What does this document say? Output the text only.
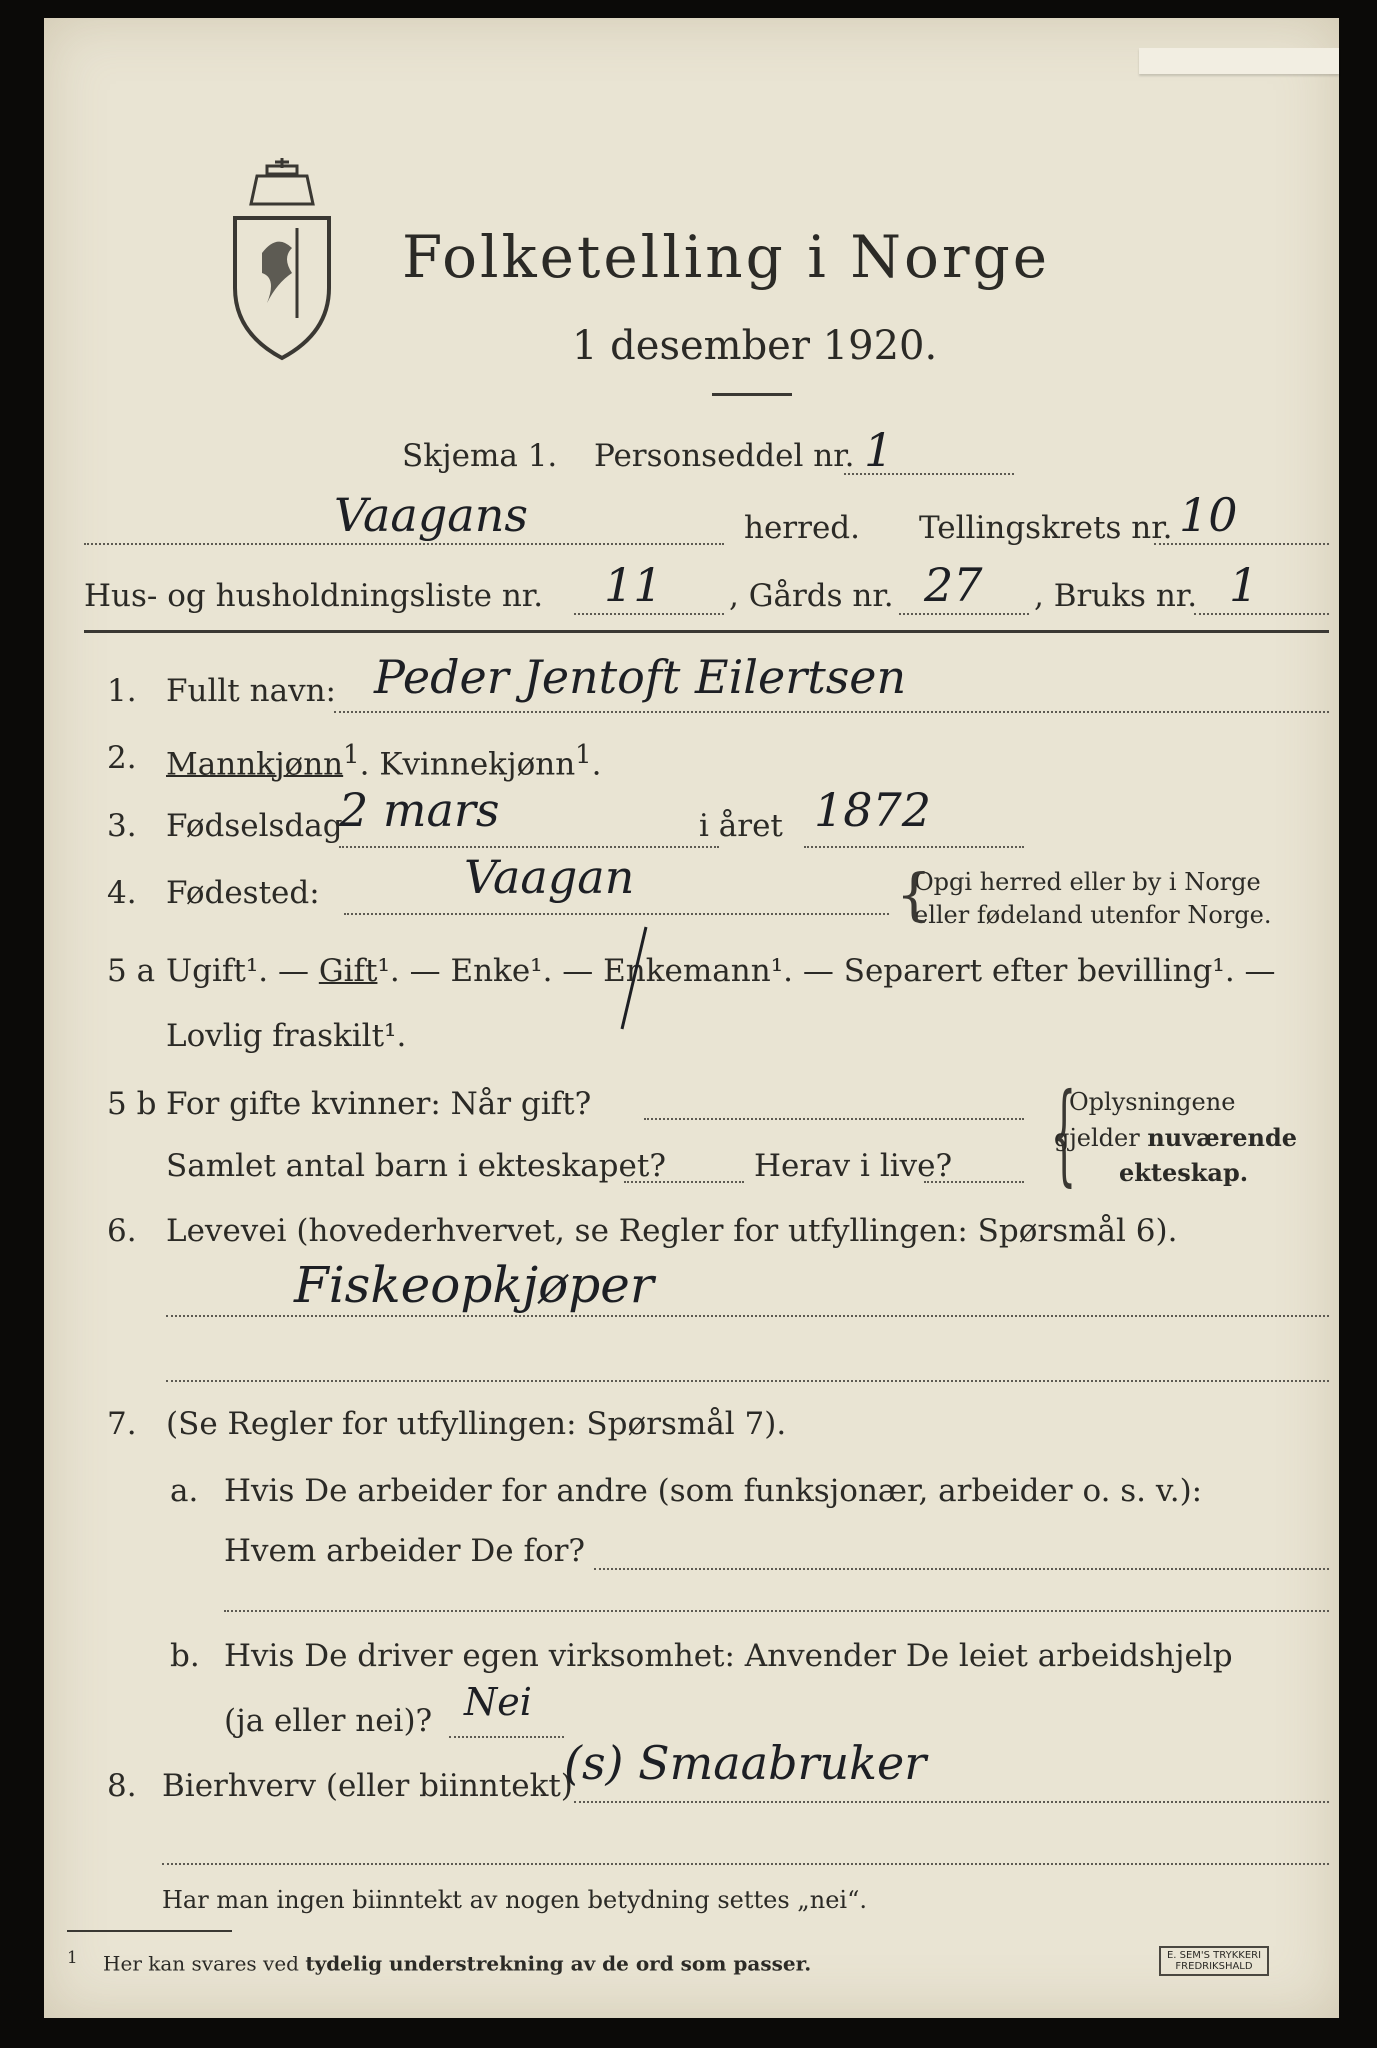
Folketelling i Norge
1 desember 1920.
Skjema 1. Personseddel nr. 1
Vaagans	herred. Tellingskrets nr. 10
Hus- og husholdningsliste nr. 11 , Gårds nr. 27 , Bruks nr. 1
1. Fullt navn: Peder Jentoft Eilertsen
2. Mannkjønn$^1$. Kvinnekjønn$^1$.
3. Fødselsdag
2 mars	i året 1872
4. Fødested:	Vaagan	Opgi herred eller by i Norge
eller fødeland utenfor Norge.
{
5 a Ugift¹. — Gift¹. — Enke¹. — Enkemann¹. — Separert efter bevilling¹. —
Lovlig fraskilt¹.
5 b For gifte kvinner: Når gift?
Samlet antal barn i ekteskapet?	Herav i live? {
Oplysningene
gjelder nuværende
ekteskap.
6. Levevei (hovederhvervet, se Regler for utfyllingen: Spørsmål 6).
Fiskeopkjøper
7. (Se Regler for utfyllingen: Spørsmål 7).
a. Hvis De arbeider for andre (som funksjonær, arbeider o. s. v.):
Hvem arbeider De for?
b. Hvis De driver egen virksomhet: Anvender De leiet arbeidshjelp
(ja eller nei)? Nei
8. Bierhverv (eller biinntekt)
(s) Smaabruker
Har man ingen biinntekt av nogen betydning settes „nei“.
$^1$ Her kan svares ved tydelig understrekning av de ord som passer.	E. SEM'S TRYKKERI FREDRIKSHALD
